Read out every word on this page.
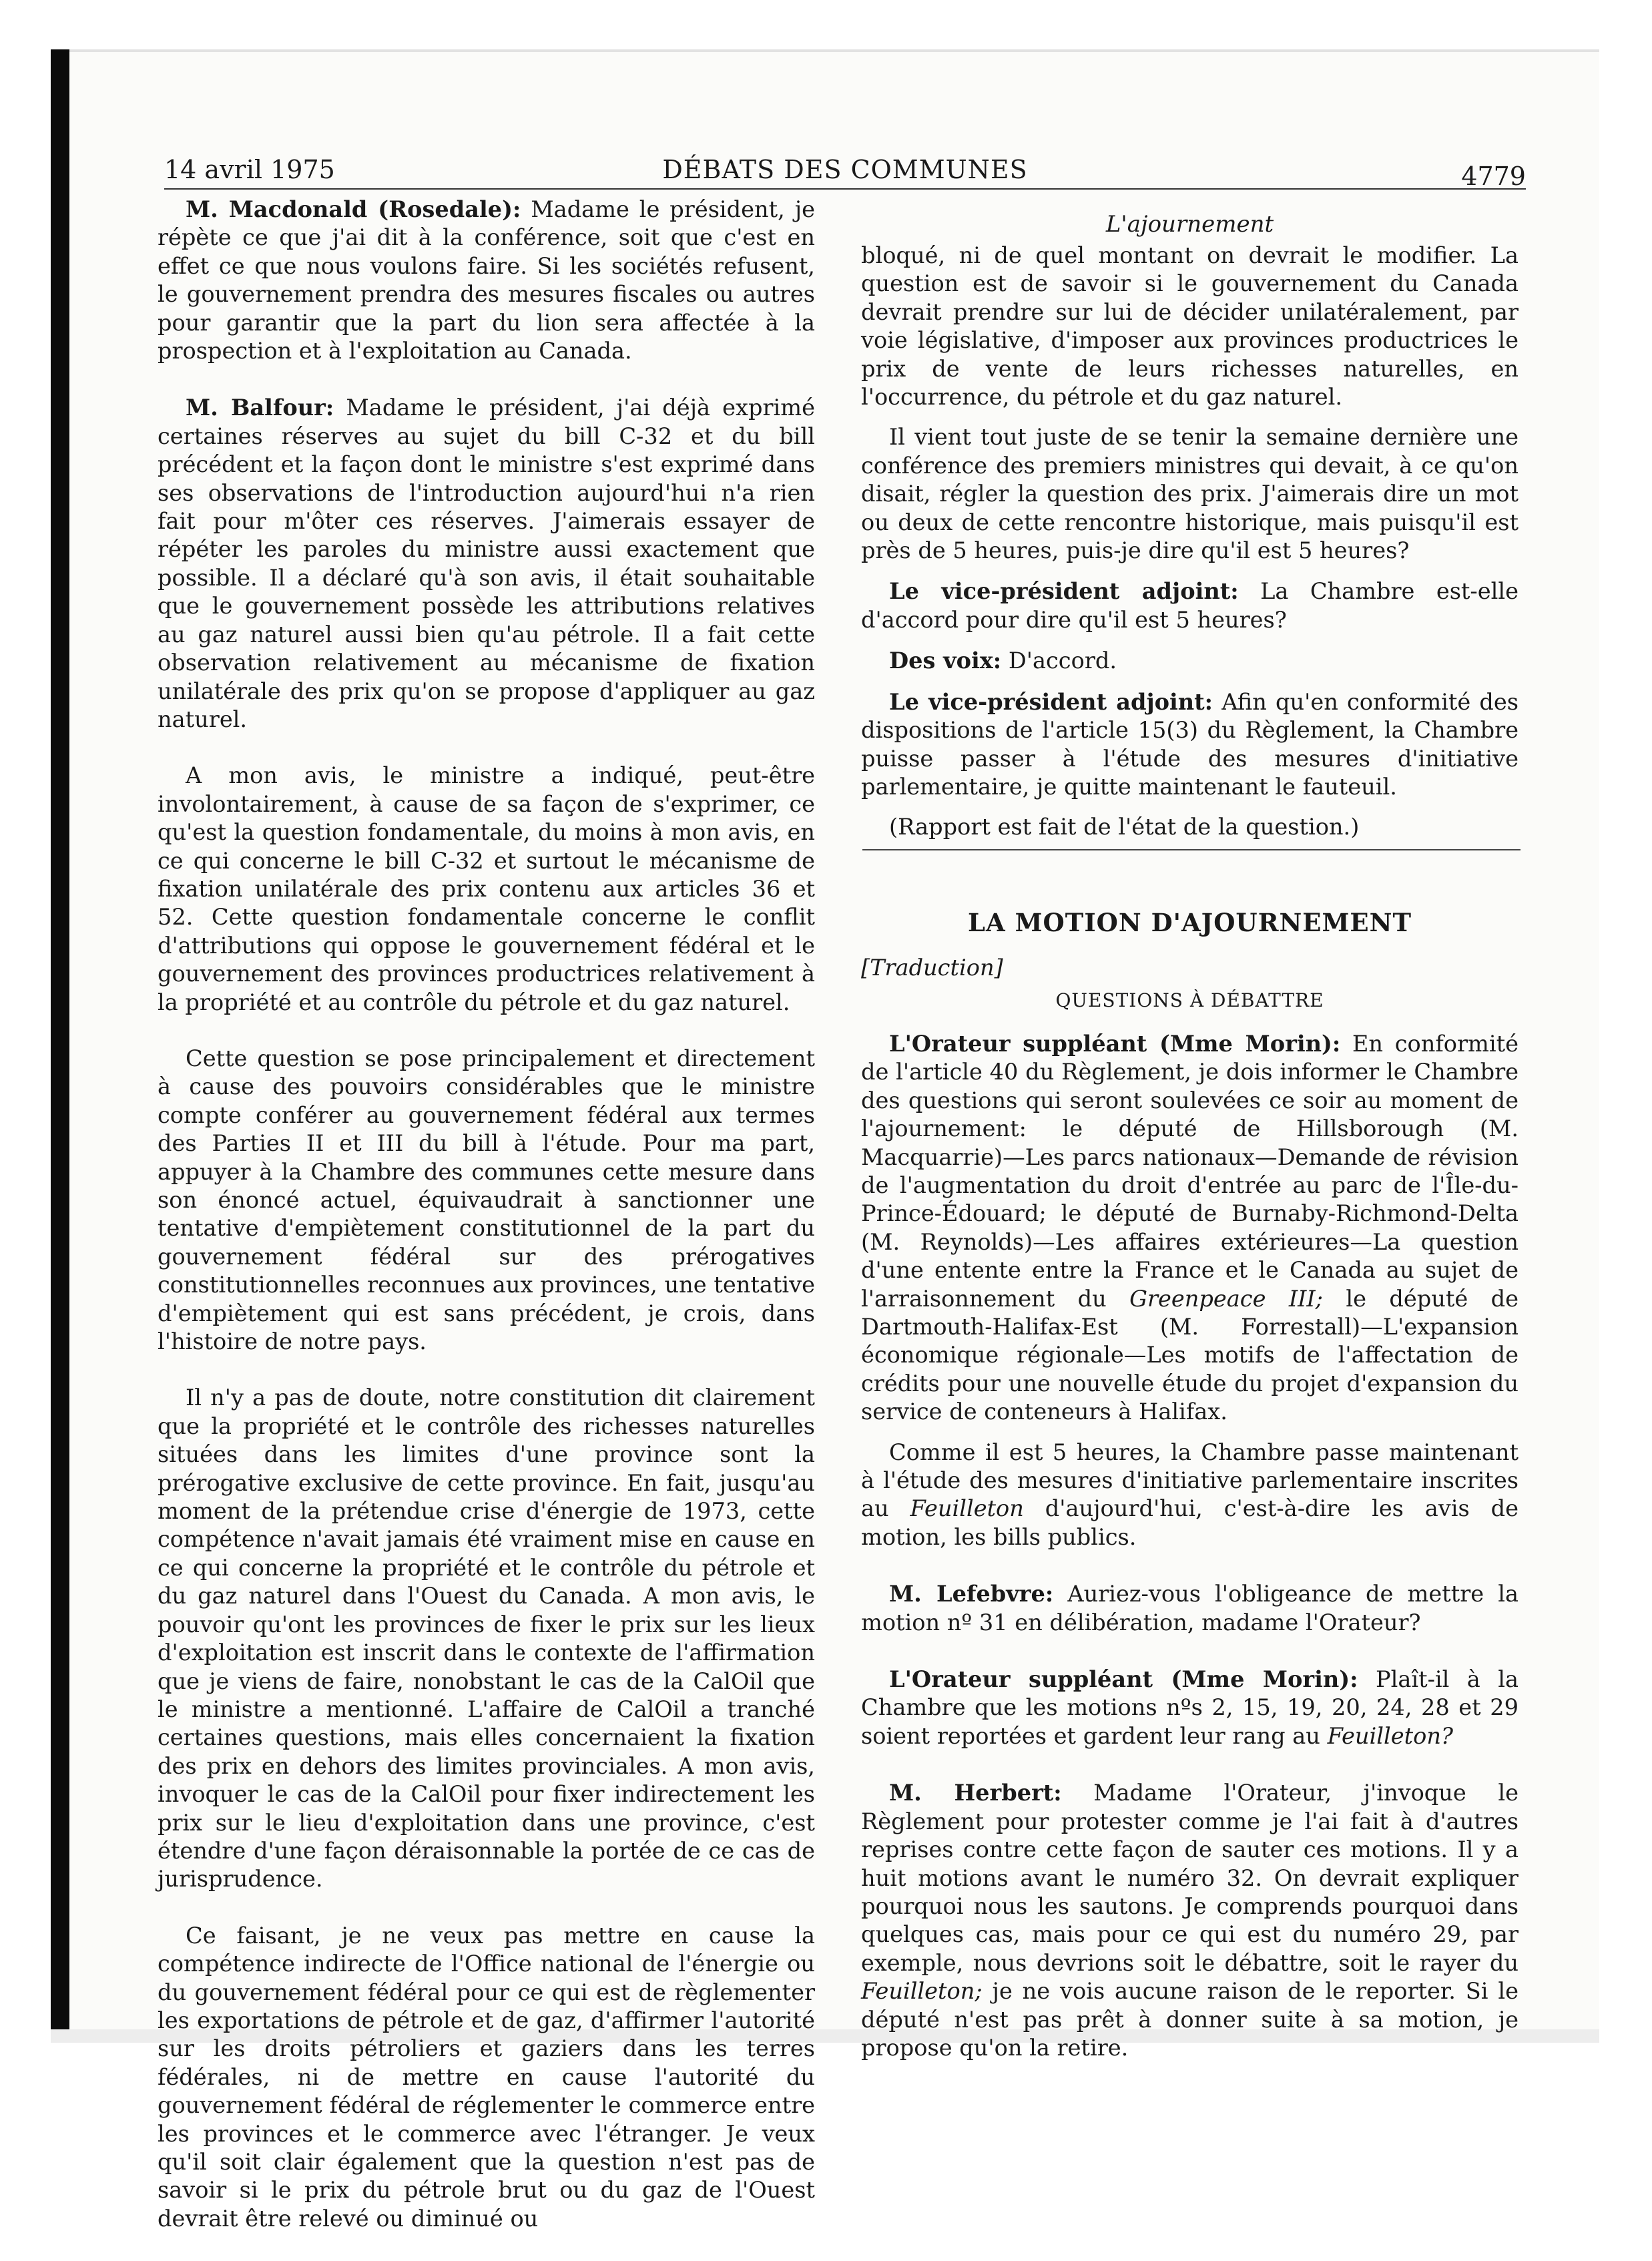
14 avril 1975	DÉBATS DES COMMUNES	4779
L'ajournement

M. Macdonald (Rosedale): Madame le président, je répète ce que j'ai dit à la conférence, soit que c'est en effet ce que nous voulons faire. Si les sociétés refusent, le gouvernement prendra des mesures fiscales ou autres pour garantir que la part du lion sera affectée à la prospection et à l'exploitation au Canada.

M. Balfour: Madame le président, j'ai déjà exprimé certaines réserves au sujet du bill C-32 et du bill précédent et la façon dont le ministre s'est exprimé dans ses observations de l'introduction aujourd'hui n'a rien fait pour m'ôter ces réserves. J'aimerais essayer de répéter les paroles du ministre aussi exactement que possible. Il a déclaré qu'à son avis, il était souhaitable que le gouvernement possède les attributions relatives au gaz naturel aussi bien qu'au pétrole. Il a fait cette observation relativement au mécanisme de fixation unilatérale des prix qu'on se propose d'appliquer au gaz naturel.

A mon avis, le ministre a indiqué, peut-être involontairement, à cause de sa façon de s'exprimer, ce qu'est la question fondamentale, du moins à mon avis, en ce qui concerne le bill C-32 et surtout le mécanisme de fixation unilatérale des prix contenu aux articles 36 et 52. Cette question fondamentale concerne le conflit d'attributions qui oppose le gouvernement fédéral et le gouvernement des provinces productrices relativement à la propriété et au contrôle du pétrole et du gaz naturel.

Cette question se pose principalement et directement à cause des pouvoirs considérables que le ministre compte conférer au gouvernement fédéral aux termes des Parties II et III du bill à l'étude. Pour ma part, appuyer à la Chambre des communes cette mesure dans son énoncé actuel, équivaudrait à sanctionner une tentative d'empiètement constitutionnel de la part du gouvernement fédéral sur des prérogatives constitutionnelles reconnues aux provinces, une tentative d'empiètement qui est sans précédent, je crois, dans l'histoire de notre pays.

Il n'y a pas de doute, notre constitution dit clairement que la propriété et le contrôle des richesses naturelles situées dans les limites d'une province sont la prérogative exclusive de cette province. En fait, jusqu'au moment de la prétendue crise d'énergie de 1973, cette compétence n'avait jamais été vraiment mise en cause en ce qui concerne la propriété et le contrôle du pétrole et du gaz naturel dans l'Ouest du Canada. A mon avis, le pouvoir qu'ont les provinces de fixer le prix sur les lieux d'exploitation est inscrit dans le contexte de l'affirmation que je viens de faire, nonobstant le cas de la CalOil que le ministre a mentionné. L'affaire de CalOil a tranché certaines questions, mais elles concernaient la fixation des prix en dehors des limites provinciales. A mon avis, invoquer le cas de la CalOil pour fixer indirectement les prix sur le lieu d'exploitation dans une province, c'est étendre d'une façon déraisonnable la portée de ce cas de jurisprudence.

Ce faisant, je ne veux pas mettre en cause la compétence indirecte de l'Office national de l'énergie ou du gouvernement fédéral pour ce qui est de règlementer les exportations de pétrole et de gaz, d'affirmer l'autorité sur les droits pétroliers et gaziers dans les terres fédérales, ni de mettre en cause l'autorité du gouvernement fédéral de réglementer le commerce entre les provinces et le commerce avec l'étranger. Je veux qu'il soit clair également que la question n'est pas de savoir si le prix du pétrole brut ou du gaz de l'Ouest devrait être relevé ou diminué ou

bloqué, ni de quel montant on devrait le modifier. La question est de savoir si le gouvernement du Canada devrait prendre sur lui de décider unilatéralement, par voie législative, d'imposer aux provinces productrices le prix de vente de leurs richesses naturelles, en l'occurrence, du pétrole et du gaz naturel.

Il vient tout juste de se tenir la semaine dernière une conférence des premiers ministres qui devait, à ce qu'on disait, régler la question des prix. J'aimerais dire un mot ou deux de cette rencontre historique, mais puisqu'il est près de 5 heures, puis-je dire qu'il est 5 heures?

Le vice-président adjoint: La Chambre est-elle d'accord pour dire qu'il est 5 heures?

Des voix: D'accord.

Le vice-président adjoint: Afin qu'en conformité des dispositions de l'article 15(3) du Règlement, la Chambre puisse passer à l'étude des mesures d'initiative parlementaire, je quitte maintenant le fauteuil.

(Rapport est fait de l'état de la question.)

LA MOTION D'AJOURNEMENT

[Traduction]

QUESTIONS À DÉBATTRE

L'Orateur suppléant (Mme Morin): En conformité de l'article 40 du Règlement, je dois informer le Chambre des questions qui seront soulevées ce soir au moment de l'ajournement: le député de Hillsborough (M. Macquarrie)—Les parcs nationaux—Demande de révision de l'augmentation du droit d'entrée au parc de l'Île-du-Prince-Édouard; le député de Burnaby-Richmond-Delta (M. Reynolds)—Les affaires extérieures—La question d'une entente entre la France et le Canada au sujet de l'arraisonnement du Greenpeace III; le député de Dartmouth-Halifax-Est (M. Forrestall)—L'expansion économique régionale—Les motifs de l'affectation de crédits pour une nouvelle étude du projet d'expansion du service de conteneurs à Halifax.

Comme il est 5 heures, la Chambre passe maintenant à l'étude des mesures d'initiative parlementaire inscrites au Feuilleton d'aujourd'hui, c'est-à-dire les avis de motion, les bills publics.

M. Lefebvre: Auriez-vous l'obligeance de mettre la motion nº 31 en délibération, madame l'Orateur?

L'Orateur suppléant (Mme Morin): Plaît-il à la Chambre que les motions nºs 2, 15, 19, 20, 24, 28 et 29 soient reportées et gardent leur rang au Feuilleton?

M. Herbert: Madame l'Orateur, j'invoque le Règlement pour protester comme je l'ai fait à d'autres reprises contre cette façon de sauter ces motions. Il y a huit motions avant le numéro 32. On devrait expliquer pourquoi nous les sautons. Je comprends pourquoi dans quelques cas, mais pour ce qui est du numéro 29, par exemple, nous devrions soit le débattre, soit le rayer du Feuilleton; je ne vois aucune raison de le reporter. Si le député n'est pas prêt à donner suite à sa motion, je propose qu'on la retire.
